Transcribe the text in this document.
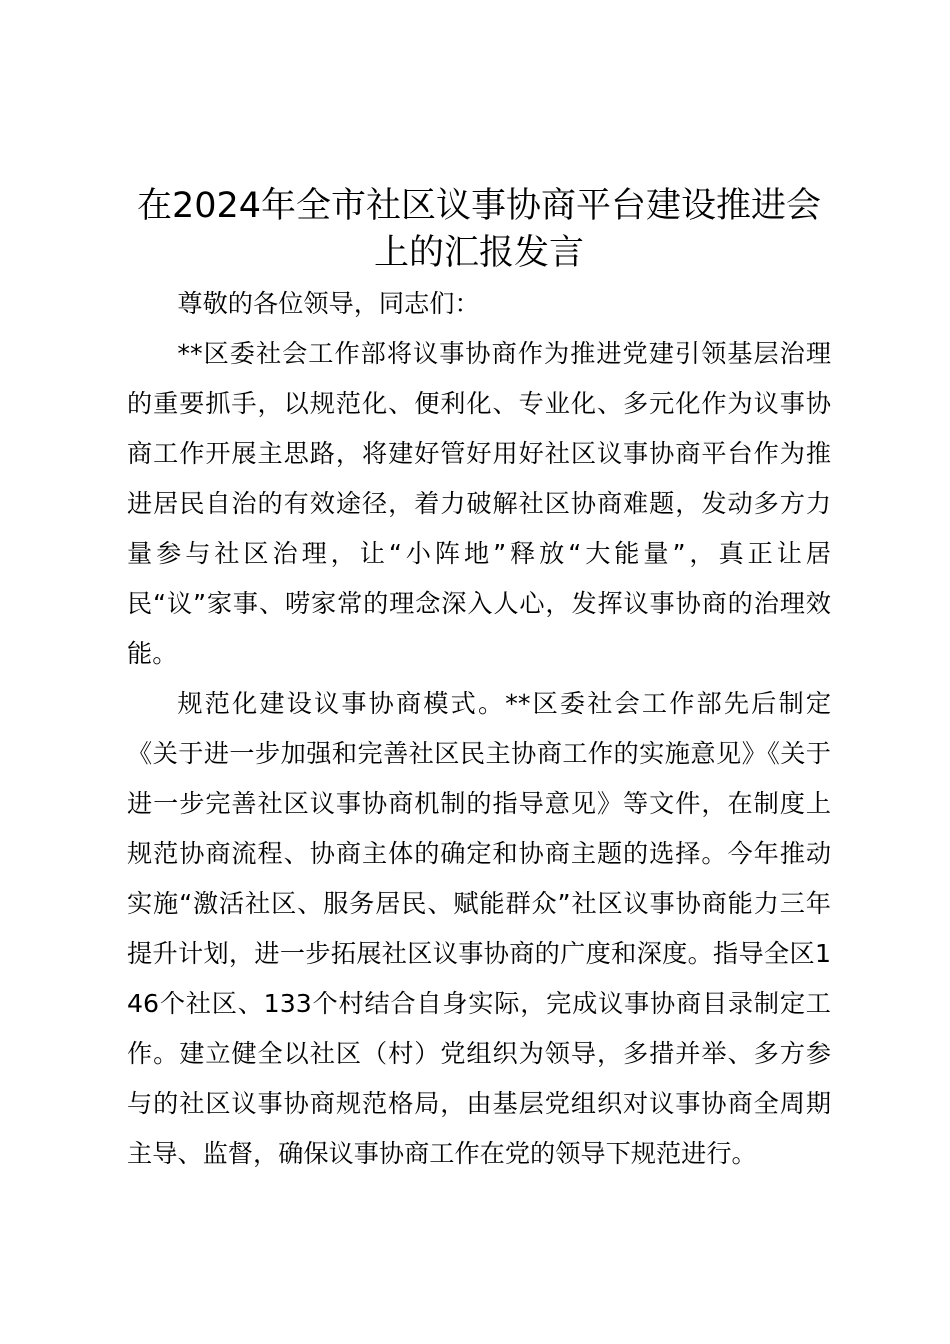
在2024年全市社区议事协商平台建设推进会上的汇报发言

尊敬的各位领导，同志们：

**区委社会工作部将议事协商作为推进党建引领基层治理的重要抓手，以规范化、便利化、专业化、多元化作为议事协商工作开展主思路，将建好管好用好社区议事协商平台作为推进居民自治的有效途径，着力破解社区协商难题，发动多方力量参与社区治理，让“小阵地”释放“大能量”，真正让居民“议”家事、唠家常的理念深入人心，发挥议事协商的治理效能。

规范化建设议事协商模式。**区委社会工作部先后制定《关于进一步加强和完善社区民主协商工作的实施意见》《关于进一步完善社区议事协商机制的指导意见》等文件，在制度上规范协商流程、协商主体的确定和协商主题的选择。今年推动实施“激活社区、服务居民、赋能群众”社区议事协商能力三年提升计划，进一步拓展社区议事协商的广度和深度。指导全区146个社区、133个村结合自身实际，完成议事协商目录制定工作。建立健全以社区（村）党组织为领导，多措并举、多方参与的社区议事协商规范格局，由基层党组织对议事协商全周期主导、监督，确保议事协商工作在党的领导下规范进行。
